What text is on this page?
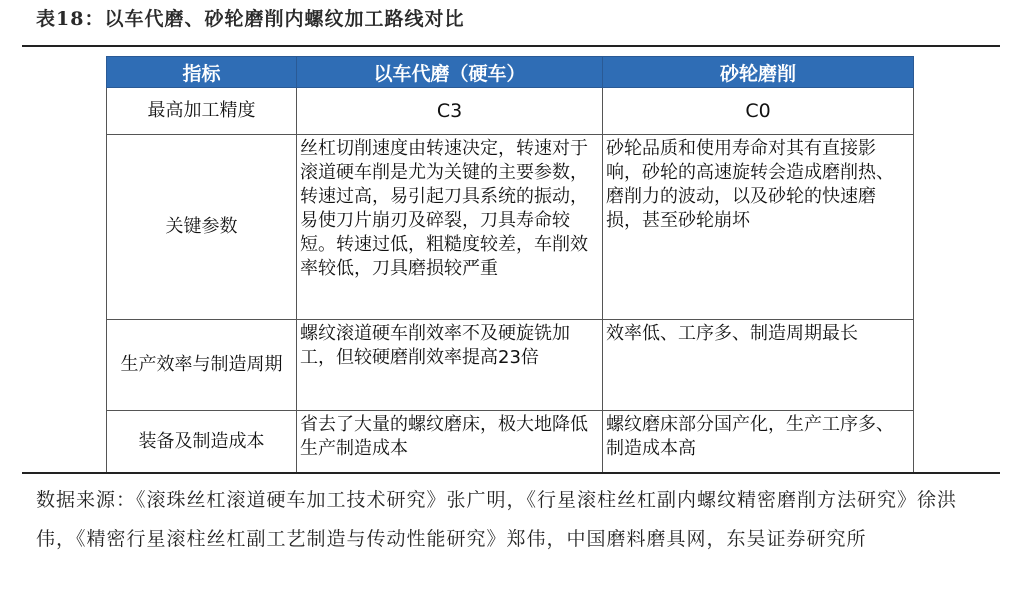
表18：以车代磨、砂轮磨削内螺纹加工路线对比
指标	以车代磨（硬车）	砂轮磨削
最高加工精度	C3	C0
关键参数	丝杠切削速度由转速决定，转速对于滚道硬车削是尤为关键的主要参数，转速过高，易引起刀具系统的振动，易使刀片崩刃及碎裂，刀具寿命较短。转速过低，粗糙度较差，车削效率较低，刀具磨损较严重	砂轮品质和使用寿命对其有直接影响，砂轮的高速旋转会造成磨削热、磨削力的波动，以及砂轮的快速磨损，甚至砂轮崩坏
生产效率与制造周期	螺纹滚道硬车削效率不及硬旋铣加工，但较硬磨削效率提高23倍	效率低、工序多、制造周期最长
装备及制造成本	省去了大量的螺纹磨床，极大地降低生产制造成本	螺纹磨床部分国产化，生产工序多、制造成本高
数据来源：《滚珠丝杠滚道硬车加工技术研究》张广明，《行星滚柱丝杠副内螺纹精密磨削方法研究》徐洪伟，《精密行星滚柱丝杠副工艺制造与传动性能研究》郑伟，中国磨料磨具网，东吴证券研究所
